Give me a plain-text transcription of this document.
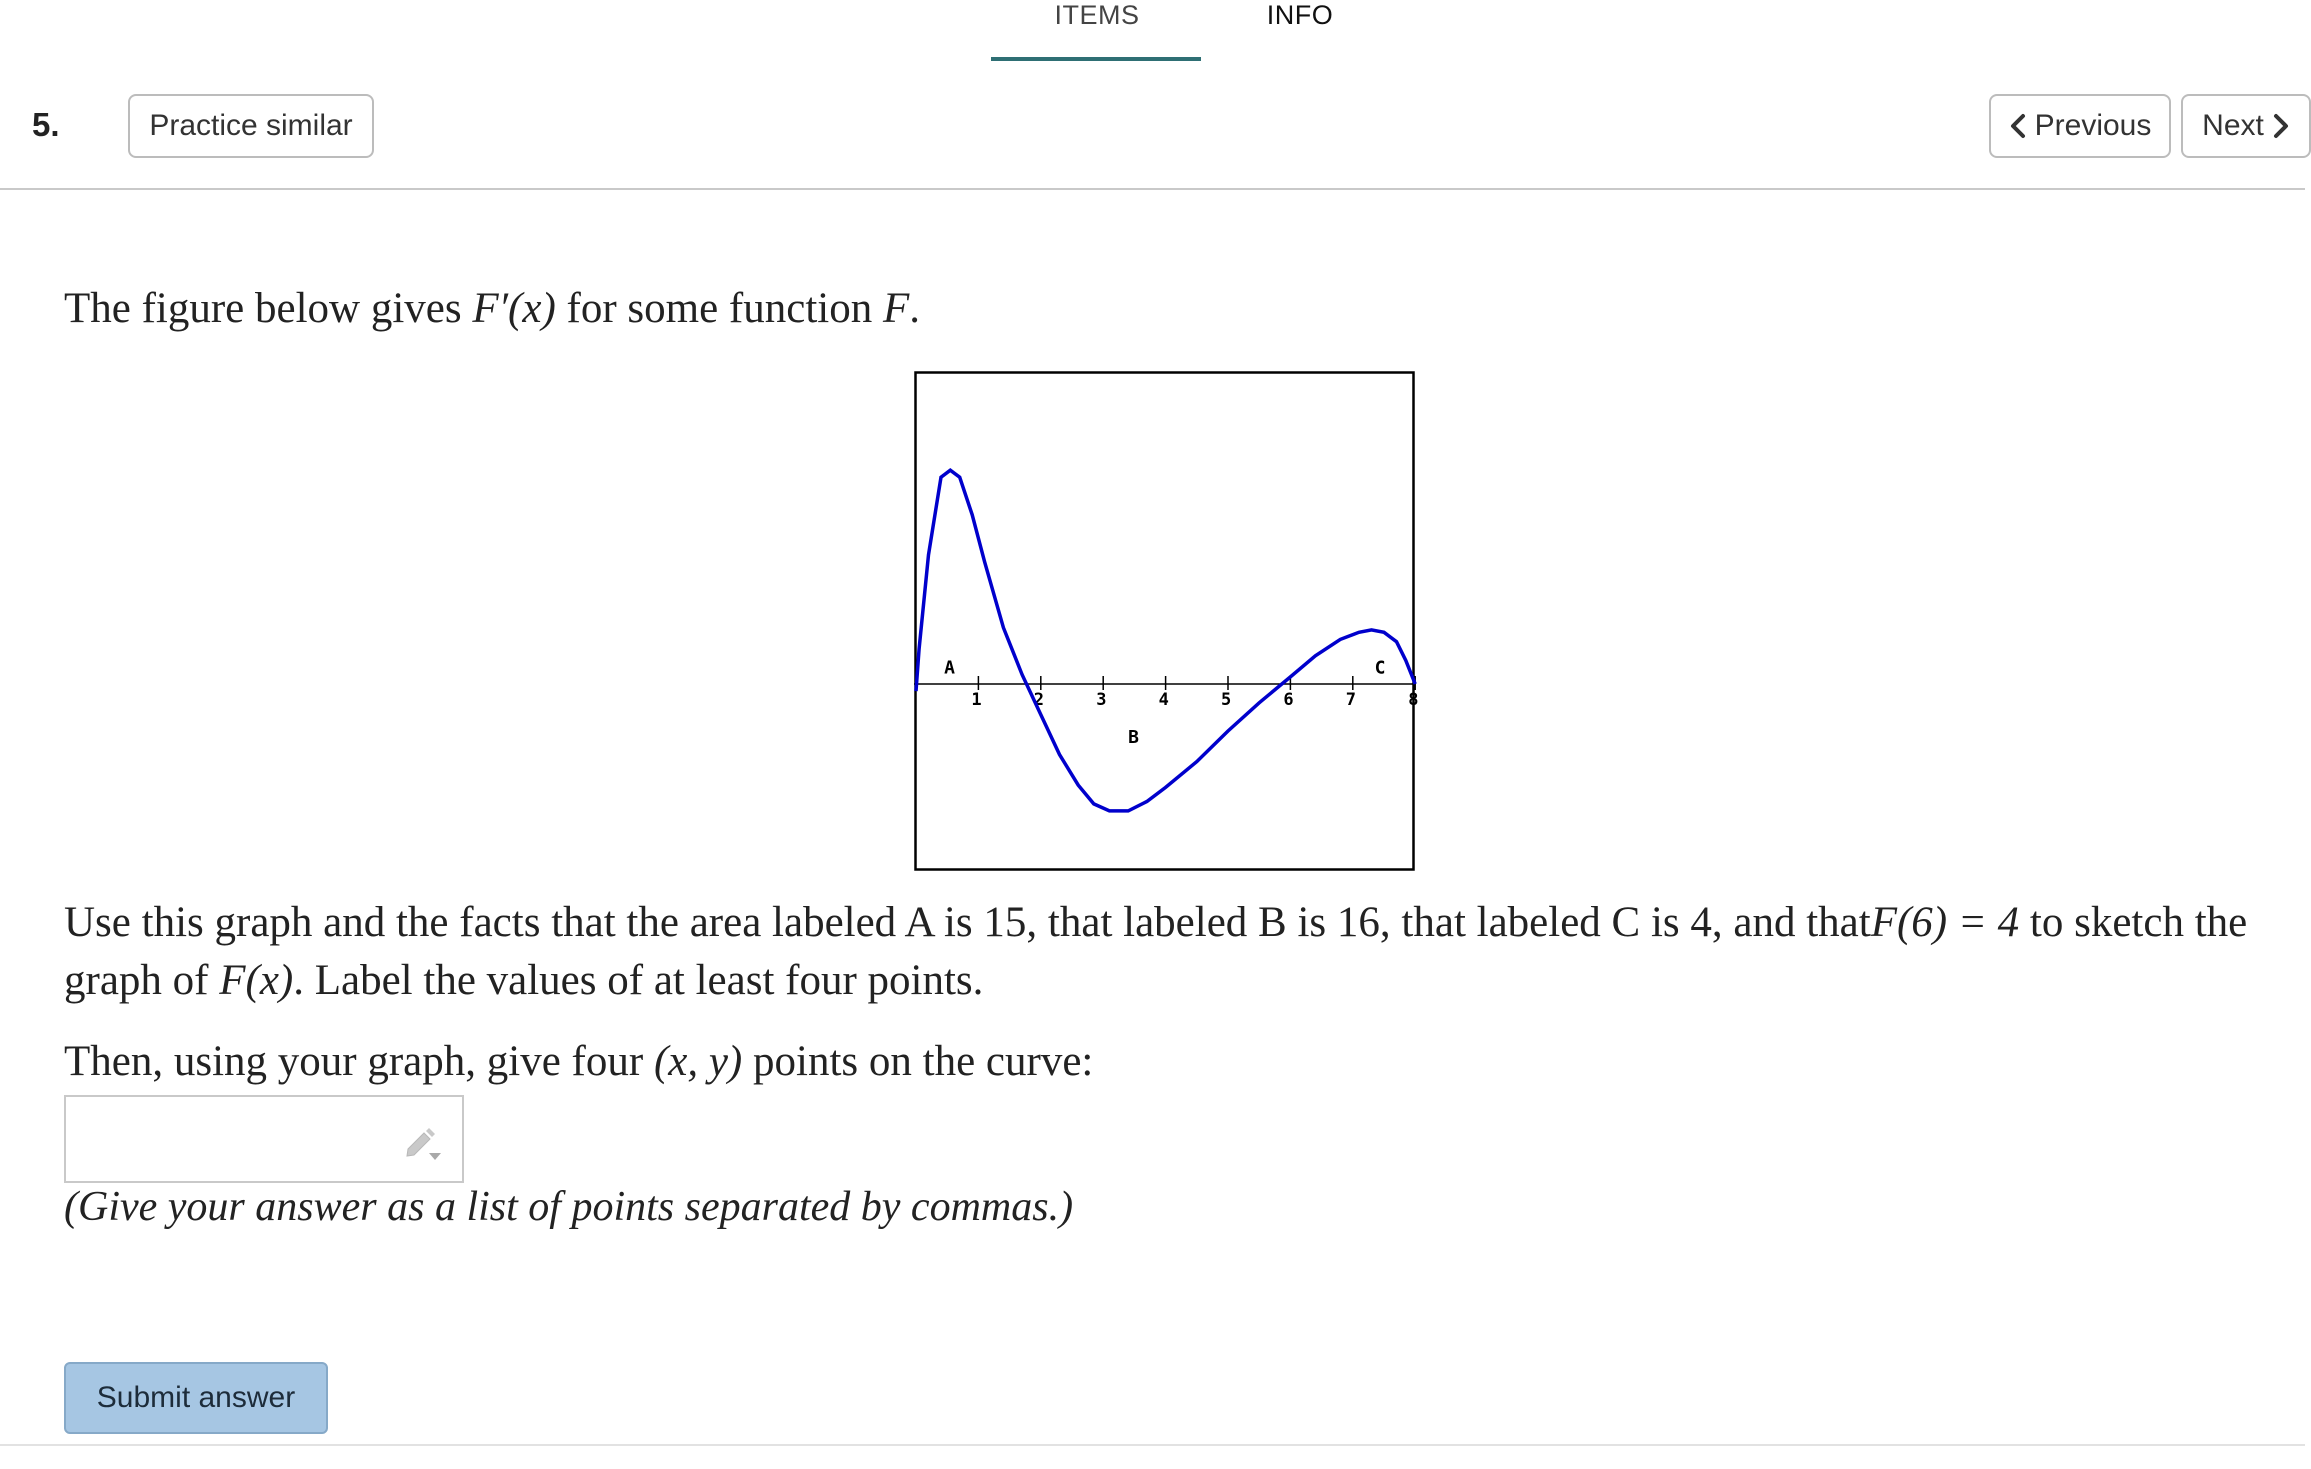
ITEMS	INFO
5.	Practice similar	Previous Next
The figure below gives F′(x) for some function F.
1	2	3	4	5	6	7	8
A
B
C
Use this graph and the facts that the area labeled A is 15, that labeled B is 16, that labeled C is 4, and thatF(6) = 4 to sketch the
graph of F(x). Label the values of at least four points.
Then, using your graph, give four (x, y) points on the curve:
(Give your answer as a list of points separated by commas.)
Submit answer
